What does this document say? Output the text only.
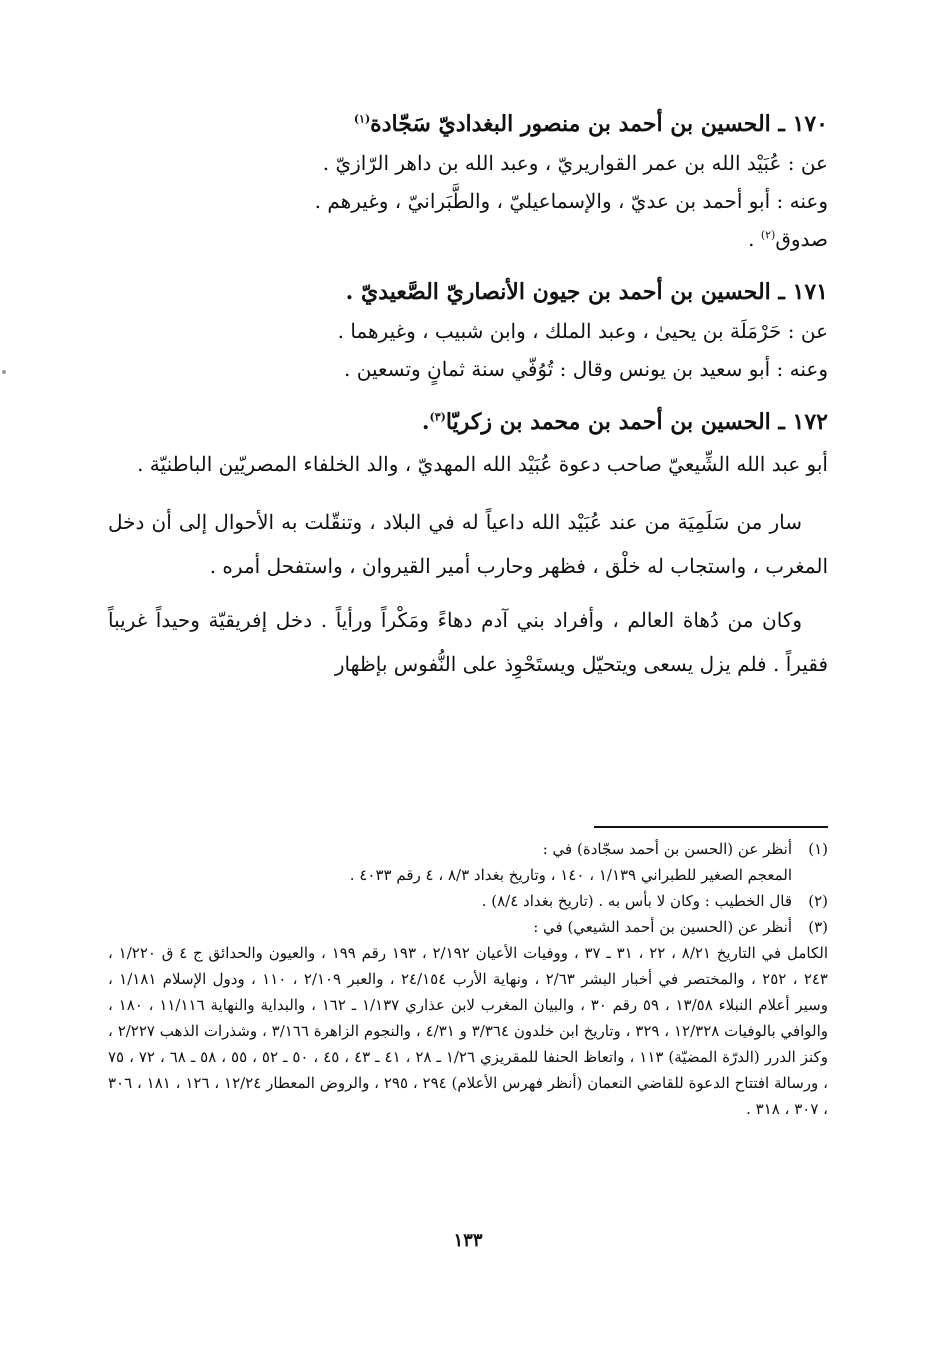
١٧٠ ـ الحسين بن أحمد بن منصور البغداديّ سَجّادة$^{(١)}$

عن : عُبَيْد الله بن عمر القواريريّ ، وعبد الله بن داهر الرّازيّ .

وعنه : أبو أحمد بن عديّ ، والإسماعيليّ ، والطَّبَرانيّ ، وغيرهم .

صدوق$^{(٢)}$ .

١٧١ ـ الحسين بن أحمد بن جيون الأنصاريّ الصَّعيديّ .

عن : حَرْمَلَة بن يحيىٰ ، وعبد الملك ، وابن شبيب ، وغيرهما .

وعنه : أبو سعيد بن يونس وقال : تُوُفّي سنة ثمانٍ وتسعين .

١٧٢ ـ الحسين بن أحمد بن محمد بن زكريّا$^{(٣)}$.

أبو عبد الله الشِّيعيّ صاحب دعوة عُبَيْد الله المهديّ ، والد الخلفاء المصريّين الباطنيّة .

سار من سَلَمِيَة من عند عُبَيْد الله داعياً له في البلاد ، وتنقّلت به الأحوال إلى أن دخل المغرب ، واستجاب له خلْق ، فظهر وحارب أمير القيروان ، واستفحل أمره .

وكان من دُهاة العالم ، وأفراد بني آدم دهاءً ومَكْراً ورأياً . دخل إفريقيّة وحيداً غريباً فقيراً . فلم يزل يسعى ويتحيّل ويستَحْوِذ على النُّفوس بإظهار

(١)
أنظر عن (الحسن بن أحمد سجّادة) في :
المعجم الصغير للطبراني ١/١٣٩ ، ١٤٠ ، وتاريخ بغداد ٨/٣ ، ٤ رقم ٤٠٣٣ .
(٢)
قال الخطيب : وكان لا بأس به . (تاريخ بغداد ٨/٤) .
(٣)
أنظر عن (الحسين بن أحمد الشيعي) في :
الكامل في التاريخ ٨/٢١ ، ٢٢ ، ٣١ ـ ٣٧ ، ووفيات الأعيان ٢/١٩٢ ، ١٩٣ رقم ١٩٩ ، والعيون والحدائق ج ٤ ق ١/٢٢٠ ، ٢٤٣ ، ٢٥٢ ، والمختصر في أخبار البشر ٢/٦٣ ، ونهاية الأرب ٢٤/١٥٤ ، والعبر ٢/١٠٩ ، ١١٠ ، ودول الإسلام ١/١٨١ ، وسير أعلام النبلاء ١٣/٥٨ ، ٥٩ رقم ٣٠ ، والبيان المغرب لابن عذاري ١/١٣٧ ـ ١٦٢ ، والبداية والنهاية ١١/١١٦ ، ١٨٠ ، والوافي بالوفيات ١٢/٣٢٨ ، ٣٢٩ ، وتاريخ ابن خلدون ٣/٣٦٤ و ٤/٣١ ، والنجوم الزاهرة ٣/١٦٦ ، وشذرات الذهب ٢/٢٢٧ ، وكنز الدرر (الدرّة المضيّة) ١١٣ ، واتعاظ الحنفا للمقريزي ١/٢٦ ـ ٢٨ ، ٤١ ـ ٤٣ ، ٤٥ ، ٥٠ ـ ٥٢ ، ٥٥ ، ٥٨ ـ ٦٨ ، ٧٢ ، ٧٥ ، ورسالة افتتاح الدعوة للقاضي النعمان (أنظر فهرس الأعلام) ٢٩٤ ، ٢٩٥ ، والروض المعطار ١٢/٢٤ ، ١٢٦ ، ١٨١ ، ٣٠٦ ، ٣٠٧ ، ٣١٨ .
١٣٣
